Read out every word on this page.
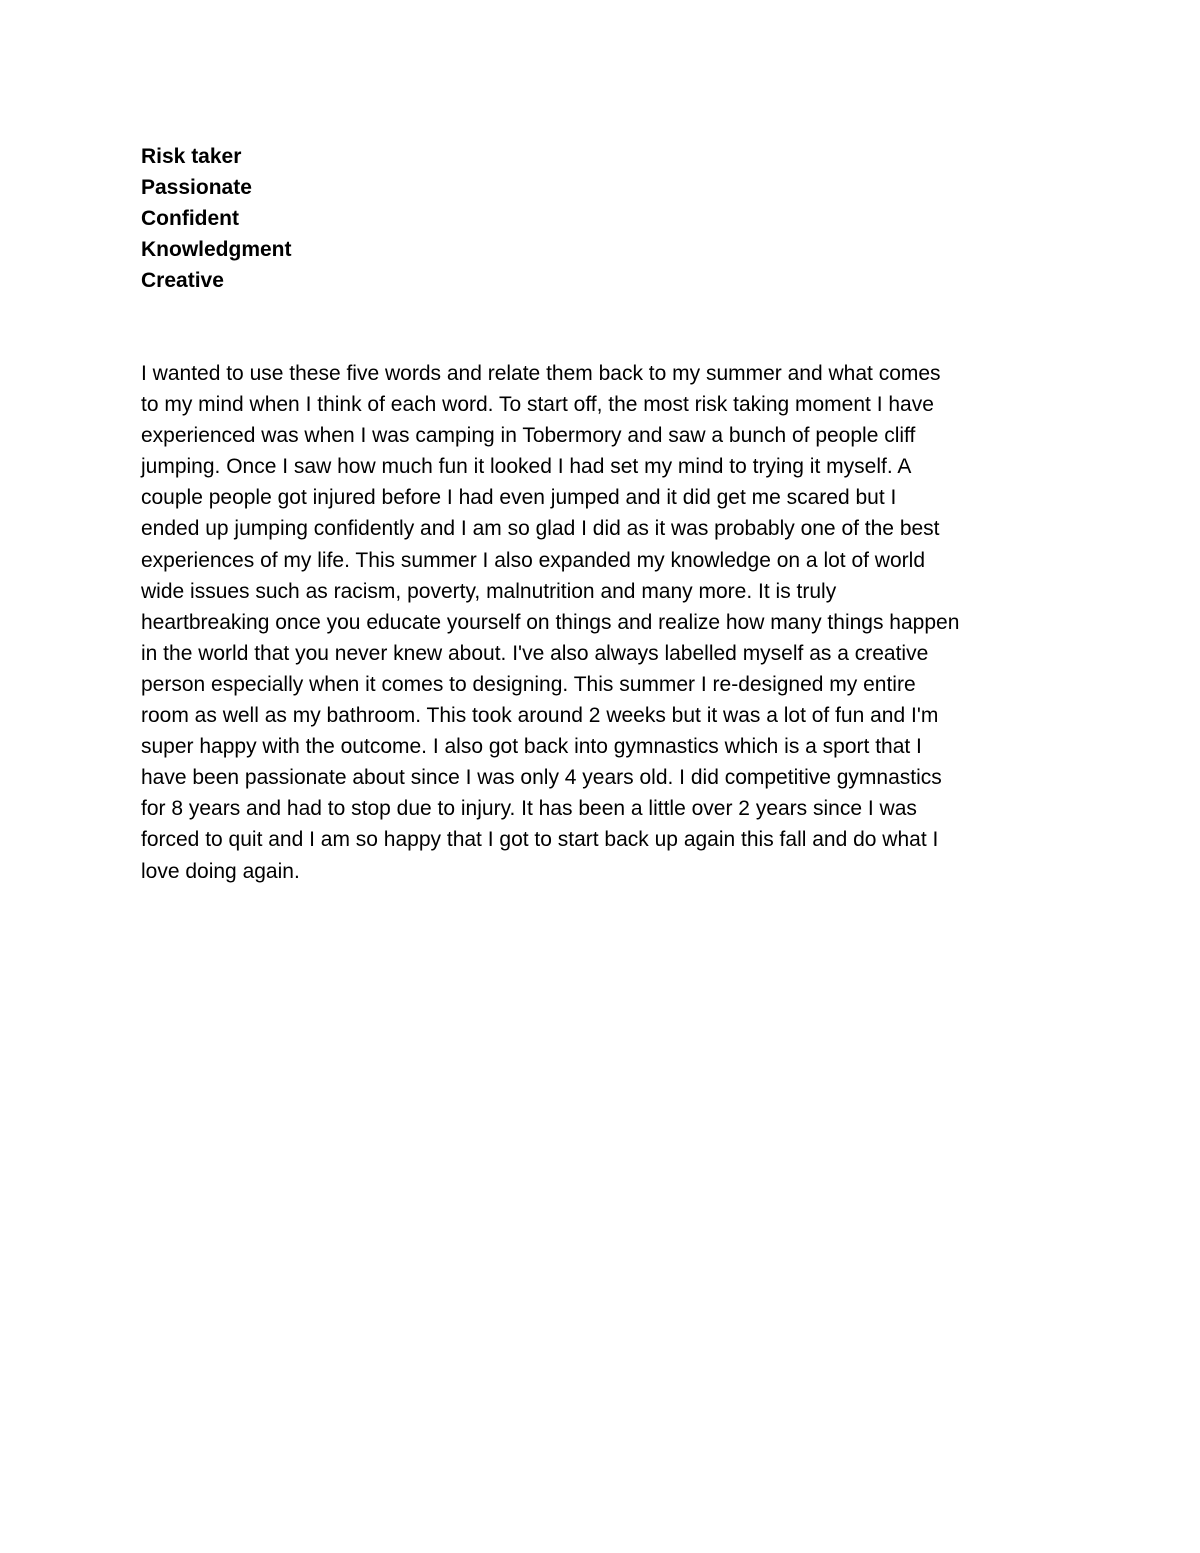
Risk taker
Passionate
Confident
Knowledgment
Creative

I wanted to use these five words and relate them back to my summer and what comes
to my mind when I think of each word. To start off, the most risk taking moment I have
experienced was when I was camping in Tobermory and saw a bunch of people cliff
jumping. Once I saw how much fun it looked I had set my mind to trying it myself. A
couple people got injured before I had even jumped and it did get me scared but I
ended up jumping confidently and I am so glad I did as it was probably one of the best
experiences of my life. This summer I also expanded my knowledge on a lot of world
wide issues such as racism, poverty, malnutrition and many more. It is truly
heartbreaking once you educate yourself on things and realize how many things happen
in the world that you never knew about. I've also always labelled myself as a creative
person especially when it comes to designing. This summer I re-designed my entire
room as well as my bathroom. This took around 2 weeks but it was a lot of fun and I'm
super happy with the outcome. I also got back into gymnastics which is a sport that I
have been passionate about since I was only 4 years old. I did competitive gymnastics
for 8 years and had to stop due to injury. It has been a little over 2 years since I was
forced to quit and I am so happy that I got to start back up again this fall and do what I
love doing again.
